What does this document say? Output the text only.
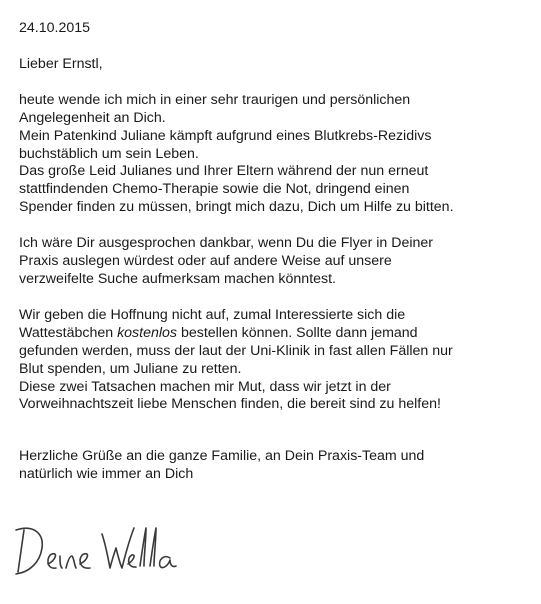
24.10.2015

Lieber Ernstl,

heute wende ich mich in einer sehr traurigen und persönlichen
Angelegenheit an Dich.
Mein Patenkind Juliane kämpft aufgrund eines Blutkrebs-Rezidivs
buchstäblich um sein Leben.
Das große Leid Julianes und Ihrer Eltern während der nun erneut
stattfindenden Chemo-Therapie sowie die Not, dringend einen
Spender finden zu müssen, bringt mich dazu, Dich um Hilfe zu bitten.
Ich wäre Dir ausgesprochen dankbar, wenn Du die Flyer in Deiner
Praxis auslegen würdest oder auf andere Weise auf unsere
verzweifelte Suche aufmerksam machen könntest.
Wir geben die Hoffnung nicht auf, zumal Interessierte sich die
Wattestäbchen kostenlos bestellen können. Sollte dann jemand
gefunden werden, muss der laut der Uni-Klinik in fast allen Fällen nur
Blut spenden, um Juliane zu retten.
Diese zwei Tatsachen machen mir Mut, dass wir jetzt in der
Vorweihnachtszeit liebe Menschen finden, die bereit sind zu helfen!
Herzliche Grüße an die ganze Familie, an Dein Praxis-Team und
natürlich wie immer an Dich
